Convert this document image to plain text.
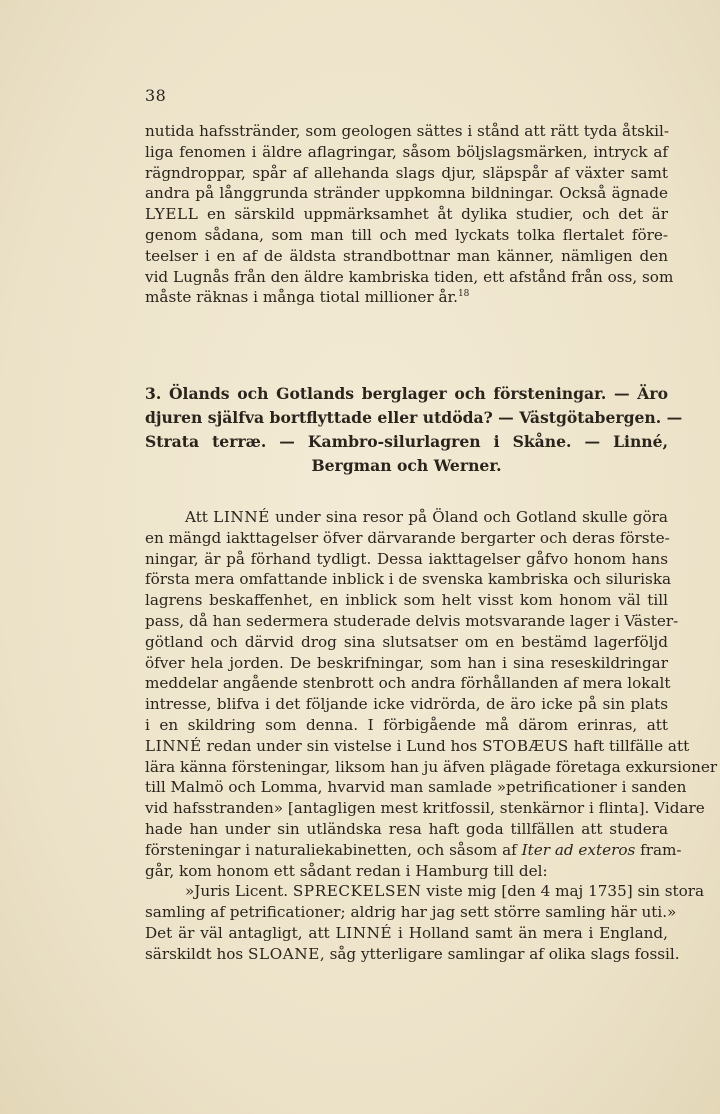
38
nutida hafsstränder, som geologen sättes i stånd att rätt tyda åtskil-
liga fenomen i äldre aflagringar, såsom böljslagsmärken, intryck af
rägndroppar, spår af allehanda slags djur, släpspår af växter samt
andra på långgrunda stränder uppkomna bildningar. Också ägnade
LYELL en särskild uppmärksamhet åt dylika studier, och det är
genom sådana, som man till och med lyckats tolka flertalet före-
teelser i en af de äldsta strandbottnar man känner, nämligen den
vid Lugnås från den äldre kambriska tiden, ett afstånd från oss, som
måste räknas i många tiotal millioner år.$^{18}$
3. Ölands och Gotlands berglager och försteningar. — Äro
djuren själfva bortflyttade eller utdöda? — Västgötabergen. —
Strata terræ. — Kambro-silurlagren i Skåne. — Linné,
Bergman och Werner.
Att LINNÉ under sina resor på Öland och Gotland skulle göra
en mängd iakttagelser öfver därvarande bergarter och deras förste-
ningar, är på förhand tydligt. Dessa iakttagelser gåfvo honom hans
första mera omfattande inblick i de svenska kambriska och siluriska
lagrens beskaffenhet, en inblick som helt visst kom honom väl till
pass, då han sedermera studerade delvis motsvarande lager i Väster-
götland och därvid drog sina slutsatser om en bestämd lagerföljd
öfver hela jorden. De beskrifningar, som han i sina reseskildringar
meddelar angående stenbrott och andra förhållanden af mera lokalt
intresse, blifva i det följande icke vidrörda, de äro icke på sin plats
i en skildring som denna. I förbigående må därom erinras, att
LINNÉ redan under sin vistelse i Lund hos STOBÆUS haft tillfälle att
lära känna försteningar, liksom han ju äfven plägade företaga exkursioner
till Malmö och Lomma, hvarvid man samlade »petrificationer i sanden
vid hafsstranden» [antagligen mest kritfossil, stenkärnor i flinta]. Vidare
hade han under sin utländska resa haft goda tillfällen att studera
försteningar i naturaliekabinetten, och såsom af Iter ad exteros fram-
går, kom honom ett sådant redan i Hamburg till del:
»Juris Licent. SPRECKELSEN viste mig [den 4 maj 1735] sin stora
samling af petrificationer; aldrig har jag sett större samling här uti.»
Det är väl antagligt, att LINNÉ i Holland samt än mera i England,
särskildt hos SLOANE, såg ytterligare samlingar af olika slags fossil.
